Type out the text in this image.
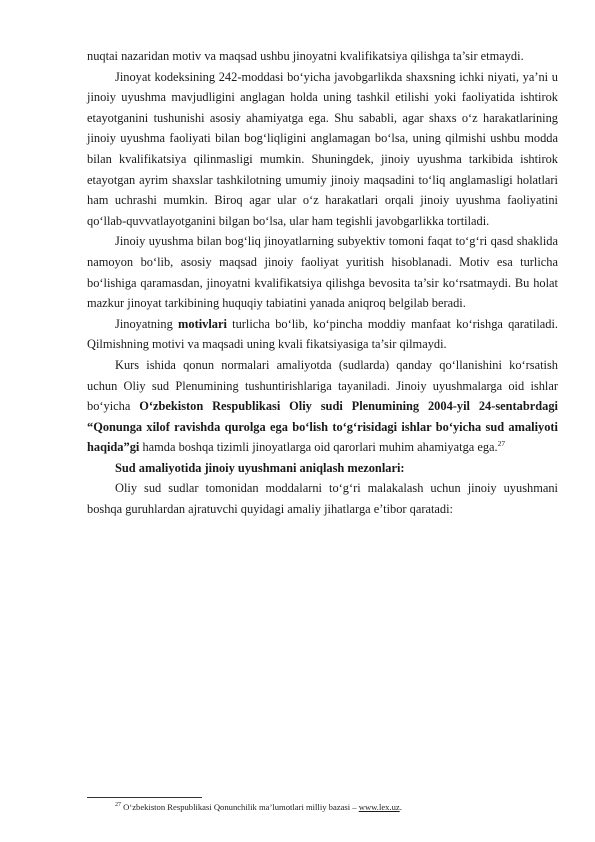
nuqtai nazaridan motiv va maqsad ushbu jinoyatni kvalifikatsiya qilishga ta’sir etmaydi.

Jinoyat kodeksining 242-moddasi bo‘yicha javobgarlikda shaxsning ichki niyati, ya’ni u jinoiy uyushma mavjudligini anglagan holda uning tashkil etilishi yoki faoliyatida ishtirok etayotganini tushunishi asosiy ahamiyatga ega. Shu sababli, agar shaxs o‘z harakatlarining jinoiy uyushma faoliyati bilan bog‘liqligini anglamagan bo‘lsa, uning qilmishi ushbu modda bilan kvalifikatsiya qilinmasligi mumkin. Shuningdek, jinoiy uyushma tarkibida ishtirok etayotgan ayrim shaxslar tashkilotning umumiy jinoiy maqsadini to‘liq anglamasligi holatlari ham uchrashi mumkin. Biroq agar ular o‘z harakatlari orqali jinoiy uyushma faoliyatini qo‘llab-quvvatlayotganini bilgan bo‘lsa, ular ham tegishli javobgarlikka tortiladi.

Jinoiy uyushma bilan bog‘liq jinoyatlarning subyektiv tomoni faqat to‘g‘ri qasd shaklida namoyon bo‘lib, asosiy maqsad jinoiy faoliyat yuritish hisoblanadi. Motiv esa turlicha bo‘lishiga qaramasdan, jinoyatni kvalifikatsiya qilishga bevosita ta’sir ko‘rsatmaydi. Bu holat mazkur jinoyat tarkibining huquqiy tabiatini yanada aniqroq belgilab beradi.

Jinoyatning motivlari turlicha bo‘lib, ko‘pincha moddiy manfaat ko‘rishga qaratiladi. Qilmishning motivi va maqsadi uning kvali fikatsiyasiga ta’sir qilmaydi.

Kurs ishida qonun normalari amaliyotda (sudlarda) qanday qo‘llanishini ko‘rsatish uchun Oliy sud Plenumining tushuntirishlariga tayaniladi. Jinoiy uyushmalarga oid ishlar bo‘yicha O‘zbekiston Respublikasi Oliy sudi Plenumining 2004-yil 24-sentabrdagi “Qonunga xilof ravishda qurolga ega bo‘lish to‘g‘risidagi ishlar bo‘yicha sud amaliyoti haqida”gi hamda boshqa tizimli jinoyatlarga oid qarorlari muhim ahamiyatga ega.$^{27}$

Sud amaliyotida jinoiy uyushmani aniqlash mezonlari:

Oliy sud sudlar tomonidan moddalarni to‘g‘ri malakalash uchun jinoiy uyushmani boshqa guruhlardan ajratuvchi quyidagi amaliy jihatlarga e’tibor qaratadi:

$^{27}$ O‘zbekiston Respublikasi Qonunchilik ma’lumotlari milliy bazasi – www.lex.uz.
